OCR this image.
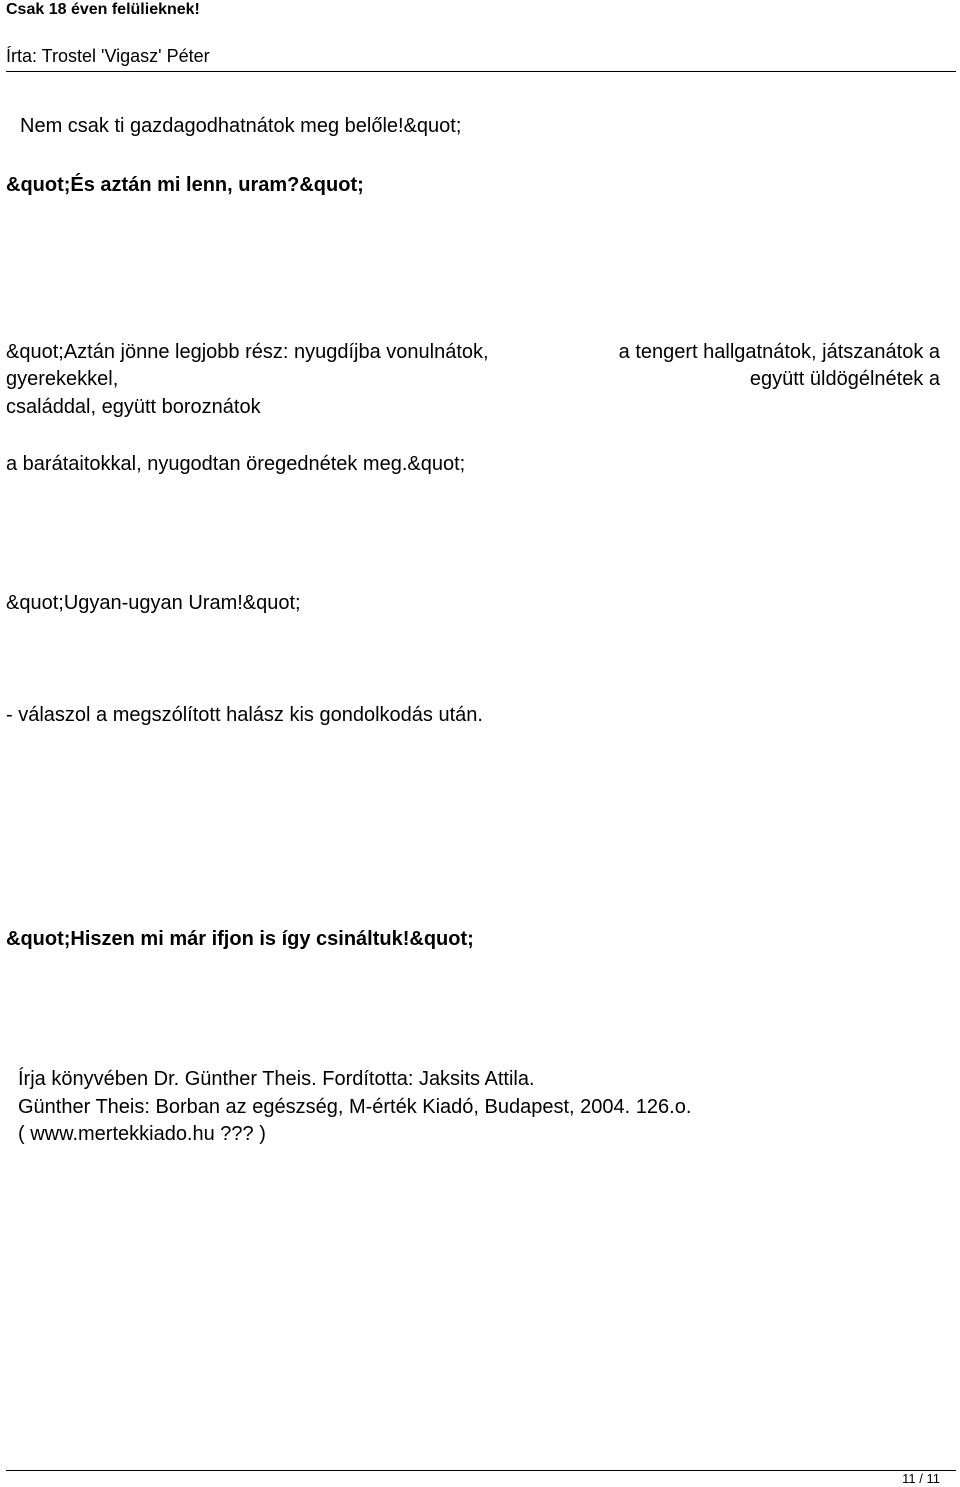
Csak 18 éven felülieknek!
Írta: Trostel 'Vigasz' Péter
Nem csak ti gazdagodhatnátok meg belőle!&quot;
&quot;És aztán mi lenn, uram?&quot;
&quot;Aztán jönne legjobb rész: nyugdíjba vonulnátok,	a tengert hallgatnátok, játszanátok a
gyerekekkel,	együtt üldögélnétek a
családdal, együtt boroznátok
a barátaitokkal, nyugodtan öregednétek meg.&quot;
&quot;Ugyan-ugyan Uram!&quot;
- válaszol a megszólított halász kis gondolkodás után.
&quot;Hiszen mi már ifjon is így csináltuk!&quot;
Írja könyvében Dr. Günther Theis. Fordította: Jaksits Attila.
Günther Theis: Borban az egészség, M-érték Kiadó, Budapest, 2004. 126.o.
( www.mertekkiado.hu ??? )
11 / 11
